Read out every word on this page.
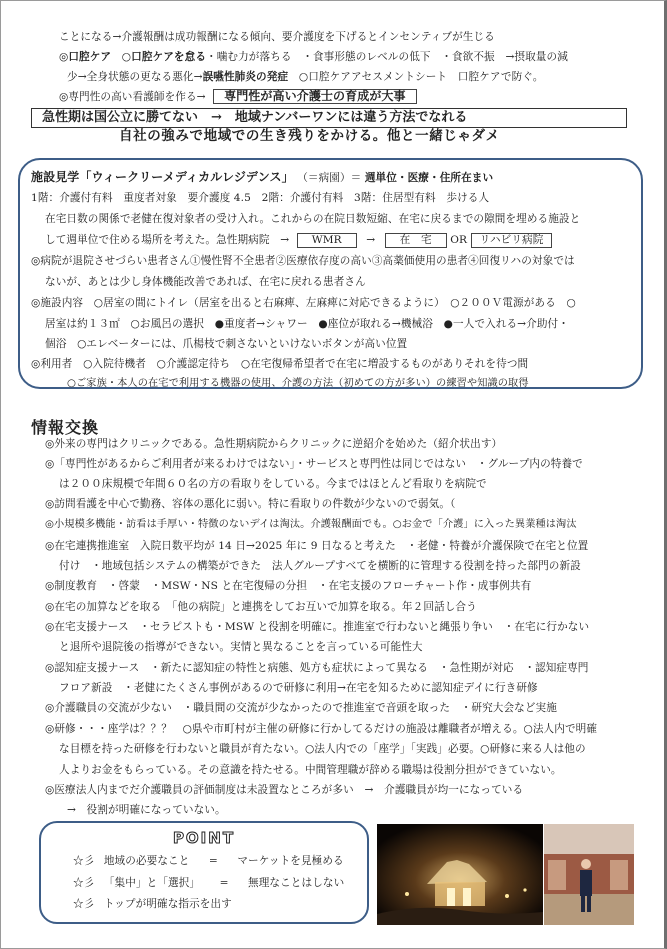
ことになる→介護報酬は成功報酬になる傾向、要介護度を下げるとインセンティブが生じる
◎口腔ケア　○口腔ケアを怠る・噛む力が落ちる　・食事形態のレベルの低下　・食欲不振　→摂取量の減
少→全身状態の更なる悪化→誤嚥性肺炎の発症　○口腔ケアアセスメントシート　口腔ケアで防ぐ。
◎専門性の高い看護師を作る→ 専門性が高い介護士の育成が大事
急性期は国公立に勝てない　→　地域ナンバーワンには違う方法でなれる
自社の強みで地域での生き残りをかける。他と一緒じゃダメ
施設見学「ウィークリーメディカルレジデンス」 （＝病園）＝ 週単位・医療・住所在まい
1階：介護付有料　重度者対象　要介護度 4.5　2階：介護付有料　3階：住居型有料　歩ける人
在宅日数の関係で老健在復対象者の受け入れ。これからの在院日数短縮、在宅に戻るまでの隙間を埋める施設と
して週単位で住める場所を考えた。急性期病院　→ WMR → 在　宅 OR リハビリ病院
◎病院が退院させづらい患者さん①慢性腎不全患者②医療依存度の高い③高薬価使用の患者④回復リハの対象では
ないが、あとは少し身体機能改善であれば、在宅に戻れる患者さん
◎施設内容　○居室の間にトイレ（居室を出ると右麻痺、左麻痺に対応できるように）　○２００Ｖ電源がある　○
居室は約１３㎡　○お風呂の選択　●重度者→シャワー　●座位が取れる→機械浴　●一人で入れる→介助付・
個浴　○エレベーターには、爪楊枝で刺さないといけないボタンが高い位置
◎利用者　○入院待機者　○介護認定待ち　○在宅復帰希望者で在宅に増設するものがありそれを待つ間
○ご家族・本人の在宅で利用する機器の使用、介護の方法（初めての方が多い）の練習や知識の取得
情報交換
◎外来の専門はクリニックである。急性期病院からクリニックに逆紹介を始めた（紹介状出す）
◎「専門性があるからご利用者が来るわけではない」・サービスと専門性は同じではない　・グループ内の特養で
は２００床規模で年間６０名の方の看取りをしている。今まではほとんど看取りを病院で
◎訪問看護を中心で勤務、容体の悪化に弱い。特に看取りの件数が少ないので弱気。（
◎小規模多機能・訪看は手厚い・特徴のないデイは淘汰。介護報酬面でも。○お金で「介護」に入った異業種は淘汰
◎在宅連携推進室　入院日数平均が 14 日→2025 年に 9 日なると考えた　・老健・特養が介護保険で在宅と位置
付け　・地域包括システムの構築ができた　法人グループすべてを横断的に管理する役割を持った部門の新設
◎制度教育　・啓蒙　・MSW・NS と在宅復帰の分担　・在宅支援のフローチャート作・成事例共有
◎在宅の加算などを取る　「他の病院」と連携をしてお互いで加算を取る。年２回話し合う
◎在宅支援ナース　・セラピストも・MSW と役割を明確に。推進室で行わないと縄張り争い　・在宅に行かない
と退所や退院後の指導ができない。実情と異なることを言っている可能性大
◎認知症支援ナース　・新たに認知症の特性と病態、処方も症状によって異なる　・急性期が対応　・認知症専門
フロア新設　・老健にたくさん事例があるので研修に利用→在宅を知るために認知症デイに行き研修
◎介護職員の交流が少ない　・職員間の交流が少なかったので推進室で音頭を取った　・研究大会など実施
◎研修・・・座学は？？？　○県や市町村が主催の研修に行かしてるだけの施設は離職者が増える。○法人内で明確
な目標を持った研修を行わないと職員が育たない。○法人内での「座学」「実践」必要。○研修に来る人は他の
人よりお金をもらっている。その意識を持たせる。中間管理職が辞める職場は役割分担ができていない。
◎医療法人内までだ介護職員の評価制度は未設置なところが多い　→　介護職員が均一になっている
→　役割が明確になっていない。
POINT
☆彡 地域の必要なこと = マーケットを見極める
☆彡 「集中」と「選択」 = 無理なことはしない
☆彡 トップが明確な指示を出す
